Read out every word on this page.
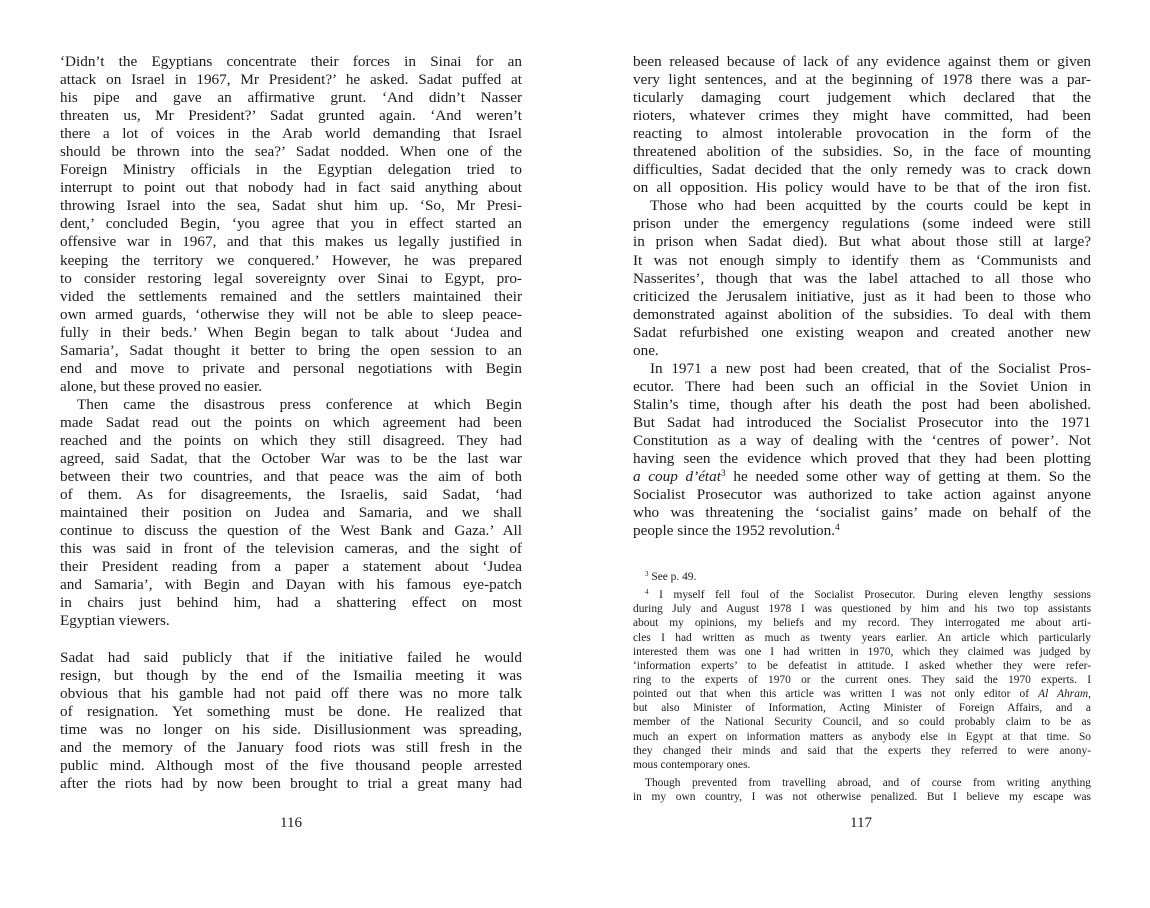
‘Didn’t the Egyptians concentrate their forces in Sinai for an
attack on Israel in 1967, Mr President?’ he asked. Sadat puffed at
his pipe and gave an affirmative grunt. ‘And didn’t Nasser
threaten us, Mr President?’ Sadat grunted again. ‘And weren’t
there a lot of voices in the Arab world demanding that Israel
should be thrown into the sea?’ Sadat nodded. When one of the
Foreign Ministry officials in the Egyptian delegation tried to
interrupt to point out that nobody had in fact said anything about
throwing Israel into the sea, Sadat shut him up. ‘So, Mr Presi-
dent,’ concluded Begin, ‘you agree that you in effect started an
offensive war in 1967, and that this makes us legally justified in
keeping the territory we conquered.’ However, he was prepared
to consider restoring legal sovereignty over Sinai to Egypt, pro-
vided the settlements remained and the settlers maintained their
own armed guards, ‘otherwise they will not be able to sleep peace-
fully in their beds.’ When Begin began to talk about ‘Judea and
Samaria’, Sadat thought it better to bring the open session to an
end and move to private and personal negotiations with Begin
alone, but these proved no easier.
Then came the disastrous press conference at which Begin
made Sadat read out the points on which agreement had been
reached and the points on which they still disagreed. They had
agreed, said Sadat, that the October War was to be the last war
between their two countries, and that peace was the aim of both
of them. As for disagreements, the Israelis, said Sadat, ‘had
maintained their position on Judea and Samaria, and we shall
continue to discuss the question of the West Bank and Gaza.’ All
this was said in front of the television cameras, and the sight of
their President reading from a paper a statement about ‘Judea
and Samaria’, with Begin and Dayan with his famous eye-patch
in chairs just behind him, had a shattering effect on most
Egyptian viewers.
Sadat had said publicly that if the initiative failed he would
resign, but though by the end of the Ismailia meeting it was
obvious that his gamble had not paid off there was no more talk
of resignation. Yet something must be done. He realized that
time was no longer on his side. Disillusionment was spreading,
and the memory of the January food riots was still fresh in the
public mind. Although most of the five thousand people arrested
after the riots had by now been brought to trial a great many had
116
been released because of lack of any evidence against them or given
very light sentences, and at the beginning of 1978 there was a par-
ticularly damaging court judgement which declared that the
rioters, whatever crimes they might have committed, had been
reacting to almost intolerable provocation in the form of the
threatened abolition of the subsidies. So, in the face of mounting
difficulties, Sadat decided that the only remedy was to crack down
on all opposition. His policy would have to be that of the iron fist.
Those who had been acquitted by the courts could be kept in
prison under the emergency regulations (some indeed were still
in prison when Sadat died). But what about those still at large?
It was not enough simply to identify them as ‘Communists and
Nasserites’, though that was the label attached to all those who
criticized the Jerusalem initiative, just as it had been to those who
demonstrated against abolition of the subsidies. To deal with them
Sadat refurbished one existing weapon and created another new
one.
In 1971 a new post had been created, that of the Socialist Pros-
ecutor. There had been such an official in the Soviet Union in
Stalin’s time, though after his death the post had been abolished.
But Sadat had introduced the Socialist Prosecutor into the 1971
Constitution as a way of dealing with the ‘centres of power’. Not
having seen the evidence which proved that they had been plotting
a coup d’état$^3$ he needed some other way of getting at them. So the
Socialist Prosecutor was authorized to take action against anyone
who was threatening the ‘socialist gains’ made on behalf of the
people since the 1952 revolution.$^4$
$^3$ See p. 49.
$^4$ I myself fell foul of the Socialist Prosecutor. During eleven lengthy sessions
during July and August 1978 I was questioned by him and his two top assistants
about my opinions, my beliefs and my record. They interrogated me about arti-
cles I had written as much as twenty years earlier. An article which particularly
interested them was one I had written in 1970, which they claimed was judged by
‘information experts’ to be defeatist in attitude. I asked whether they were refer-
ring to the experts of 1970 or the current ones. They said the 1970 experts. I
pointed out that when this article was written I was not only editor of Al Ahram,
but also Minister of Information, Acting Minister of Foreign Affairs, and a
member of the National Security Council, and so could probably claim to be as
much an expert on information matters as anybody else in Egypt at that time. So
they changed their minds and said that the experts they referred to were anony-
mous contemporary ones.
Though prevented from travelling abroad, and of course from writing anything
in my own country, I was not otherwise penalized. But I believe my escape was
117
